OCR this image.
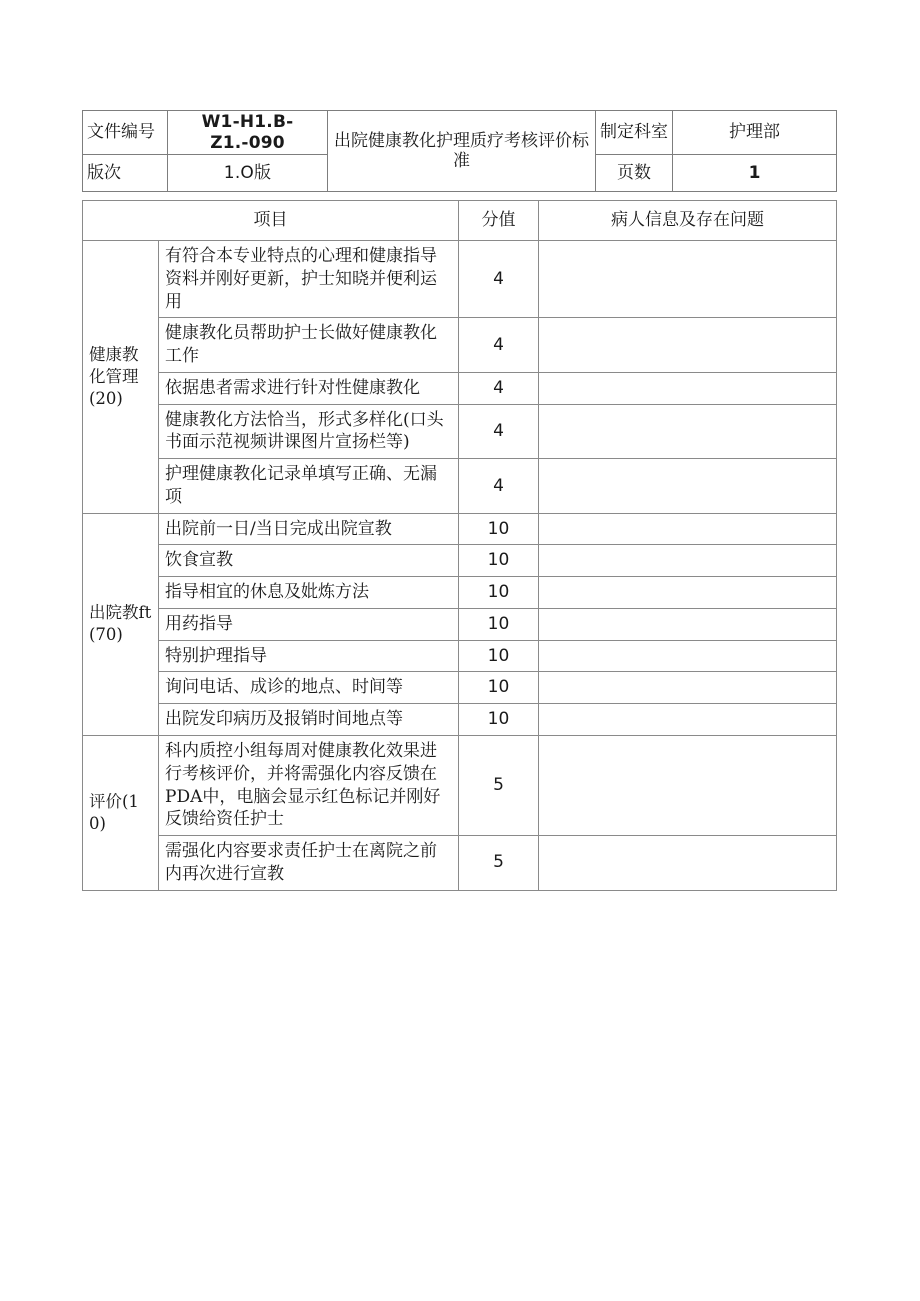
文件编号	W1-H1.B-Z1.-090	出院健康教化护理质疗考核评价标准	制定科室	护理部
版次	1.O版		页数	1
项目		分值	病人信息及存在问题

健康教化管理(20)	有符合本专业特点的心理和健康指导资料并刚好更新，护士知晓并便利运用	4	
	健康教化员帮助护士长做好健康教化工作	4	
	依据患者需求进行针对性健康教化	4	
	健康教化方法恰当，形式多样化(口头书面示范视频讲课图片宣扬栏等)	4	
	护理健康教化记录单填写正确、无漏项	4	

出院教ft(70)	出院前一日/当日完成出院宣教	10	
	饮食宣教	10	
	指导相宜的休息及妣炼方法	10	
	用药指导	10	
	特别护理指导	10	
	询问电话、成诊的地点、时间等	10	
	出院发印病历及报销时间地点等	10	

评价(10)	科内质控小组每周对健康教化效果进行考核评价，并将需强化内容反馈在PDA中，电脑会显示红色标记并刚好反馈给资任护士	5	
	需强化内容要求责任护士在离院之前内再次进行宣教	5	
